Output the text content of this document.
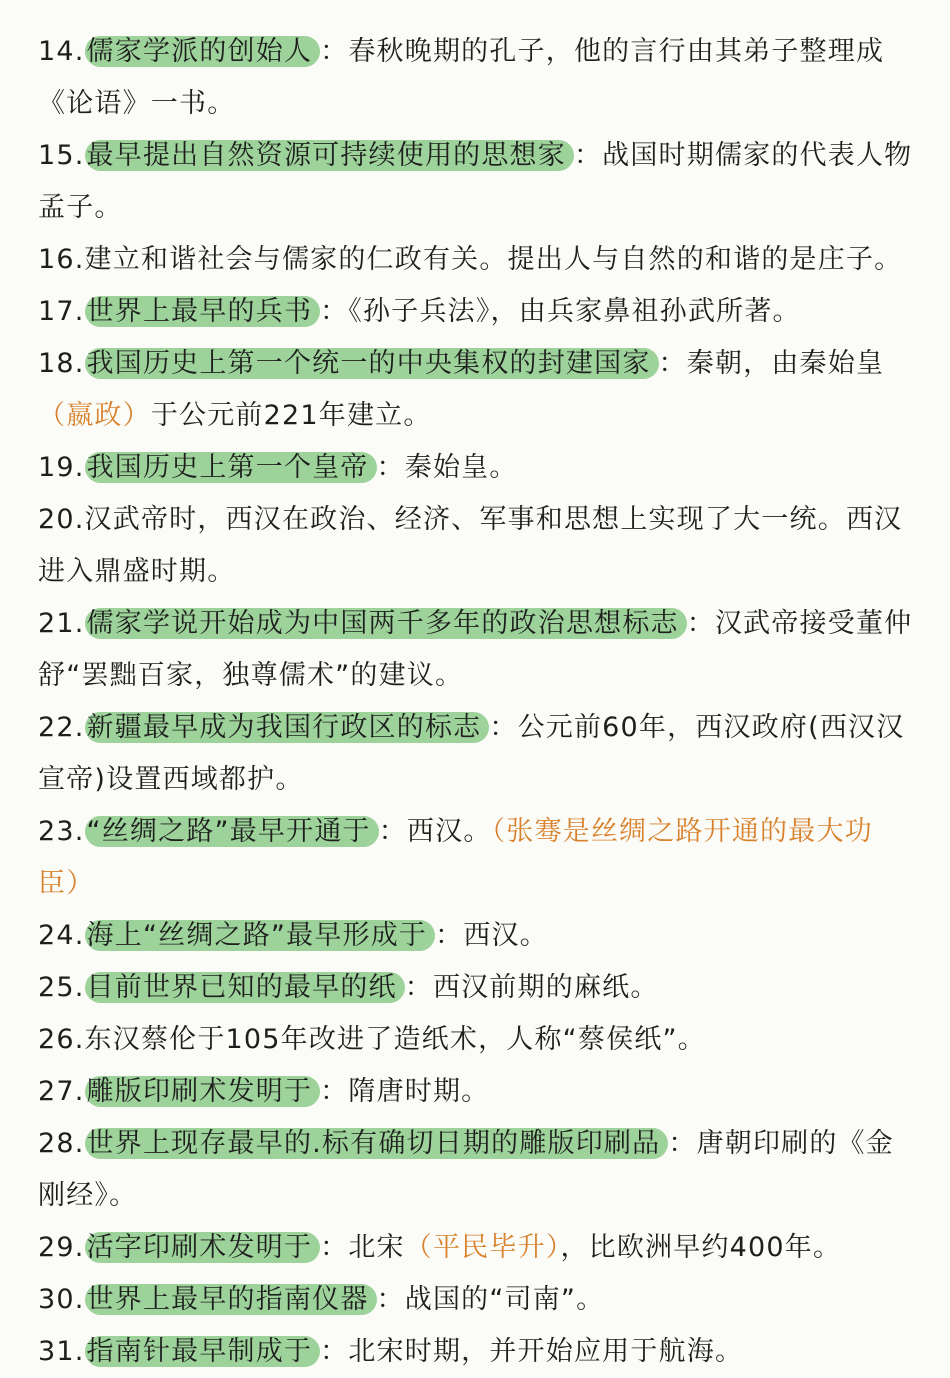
14.儒家学派的创始人 ：春秋晚期的孔子，他的言行由其弟子整理成《论语》一书。

15.最早提出自然资源可持续使用的思想家 ：战国时期儒家的代表人物孟子。

16.建立和谐社会与儒家的仁政有关。提出人与自然的和谐的是庄子。

17.世界上最早的兵书 ：《孙子兵法》，由兵家鼻祖孙武所著。

18.我国历史上第一个统一的中央集权的封建国家 ：秦朝，由秦始皇（嬴政）于公元前221年建立。

19.我国历史上第一个皇帝 ：秦始皇。

20.汉武帝时，西汉在政治、经济、军事和思想上实现了大一统。西汉进入鼎盛时期。

21.儒家学说开始成为中国两千多年的政治思想标志 ：汉武帝接受董仲舒“罢黜百家，独尊儒术”的建议。

22.新疆最早成为我国行政区的标志 ：公元前60年，西汉政府(西汉汉宣帝)设置西域都护。

23.“丝绸之路”最早开通于 ：西汉。（张骞是丝绸之路开通的最大功臣）

24.海上“丝绸之路”最早形成于 ：西汉。

25.目前世界已知的最早的纸 ：西汉前期的麻纸。

26.东汉蔡伦于105年改进了造纸术，人称“蔡侯纸”。

27.雕版印刷术发明于 ：隋唐时期。

28.世界上现存最早的.标有确切日期的雕版印刷品 ：唐朝印刷的《金刚经》。

29.活字印刷术发明于 ：北宋（平民毕升），比欧洲早约400年。

30.世界上最早的指南仪器 ：战国的“司南”。

31.指南针最早制成于 ：北宋时期，并开始应用于航海。
